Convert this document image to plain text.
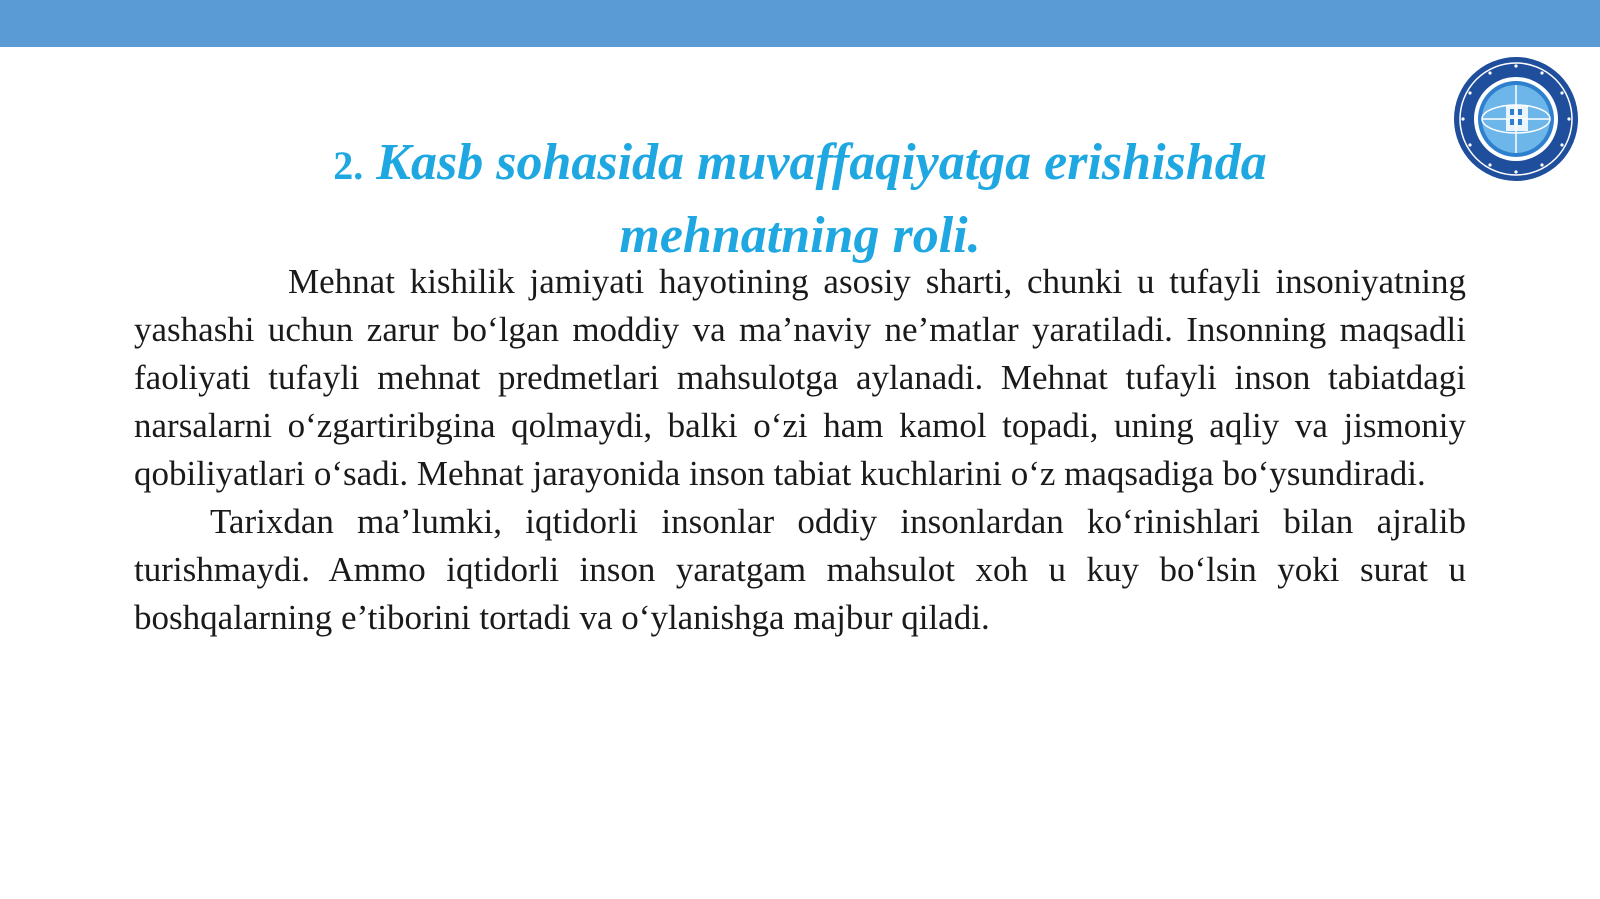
2. Kasb sohasida muvaffaqiyatga erishishda
mehnatning roli.

Mehnat kishilik jamiyati hayotining asosiy sharti, chunki u tufayli insoniyatning yashashi uchun zarur bo‘lgan moddiy va ma’naviy ne’matlar yaratiladi. Insonning maqsadli faoliyati tufayli mehnat predmetlari mahsulotga aylanadi. Mehnat tufayli inson tabiatdagi narsalarni o‘zgartiribgina qolmaydi, balki o‘zi ham kamol topadi, uning aqliy va jismoniy qobiliyatlari o‘sadi. Mehnat jarayonida inson tabiat kuchlarini o‘z maqsadiga bo‘ysundiradi.

Tarixdan ma’lumki, iqtidorli insonlar oddiy insonlardan ko‘rinishlari bilan ajralib turishmaydi. Ammo iqtidorli inson yaratgam mahsulot xoh u kuy bo‘lsin yoki surat u boshqalarning e’tiborini tortadi va o‘ylanishga majbur qiladi.
